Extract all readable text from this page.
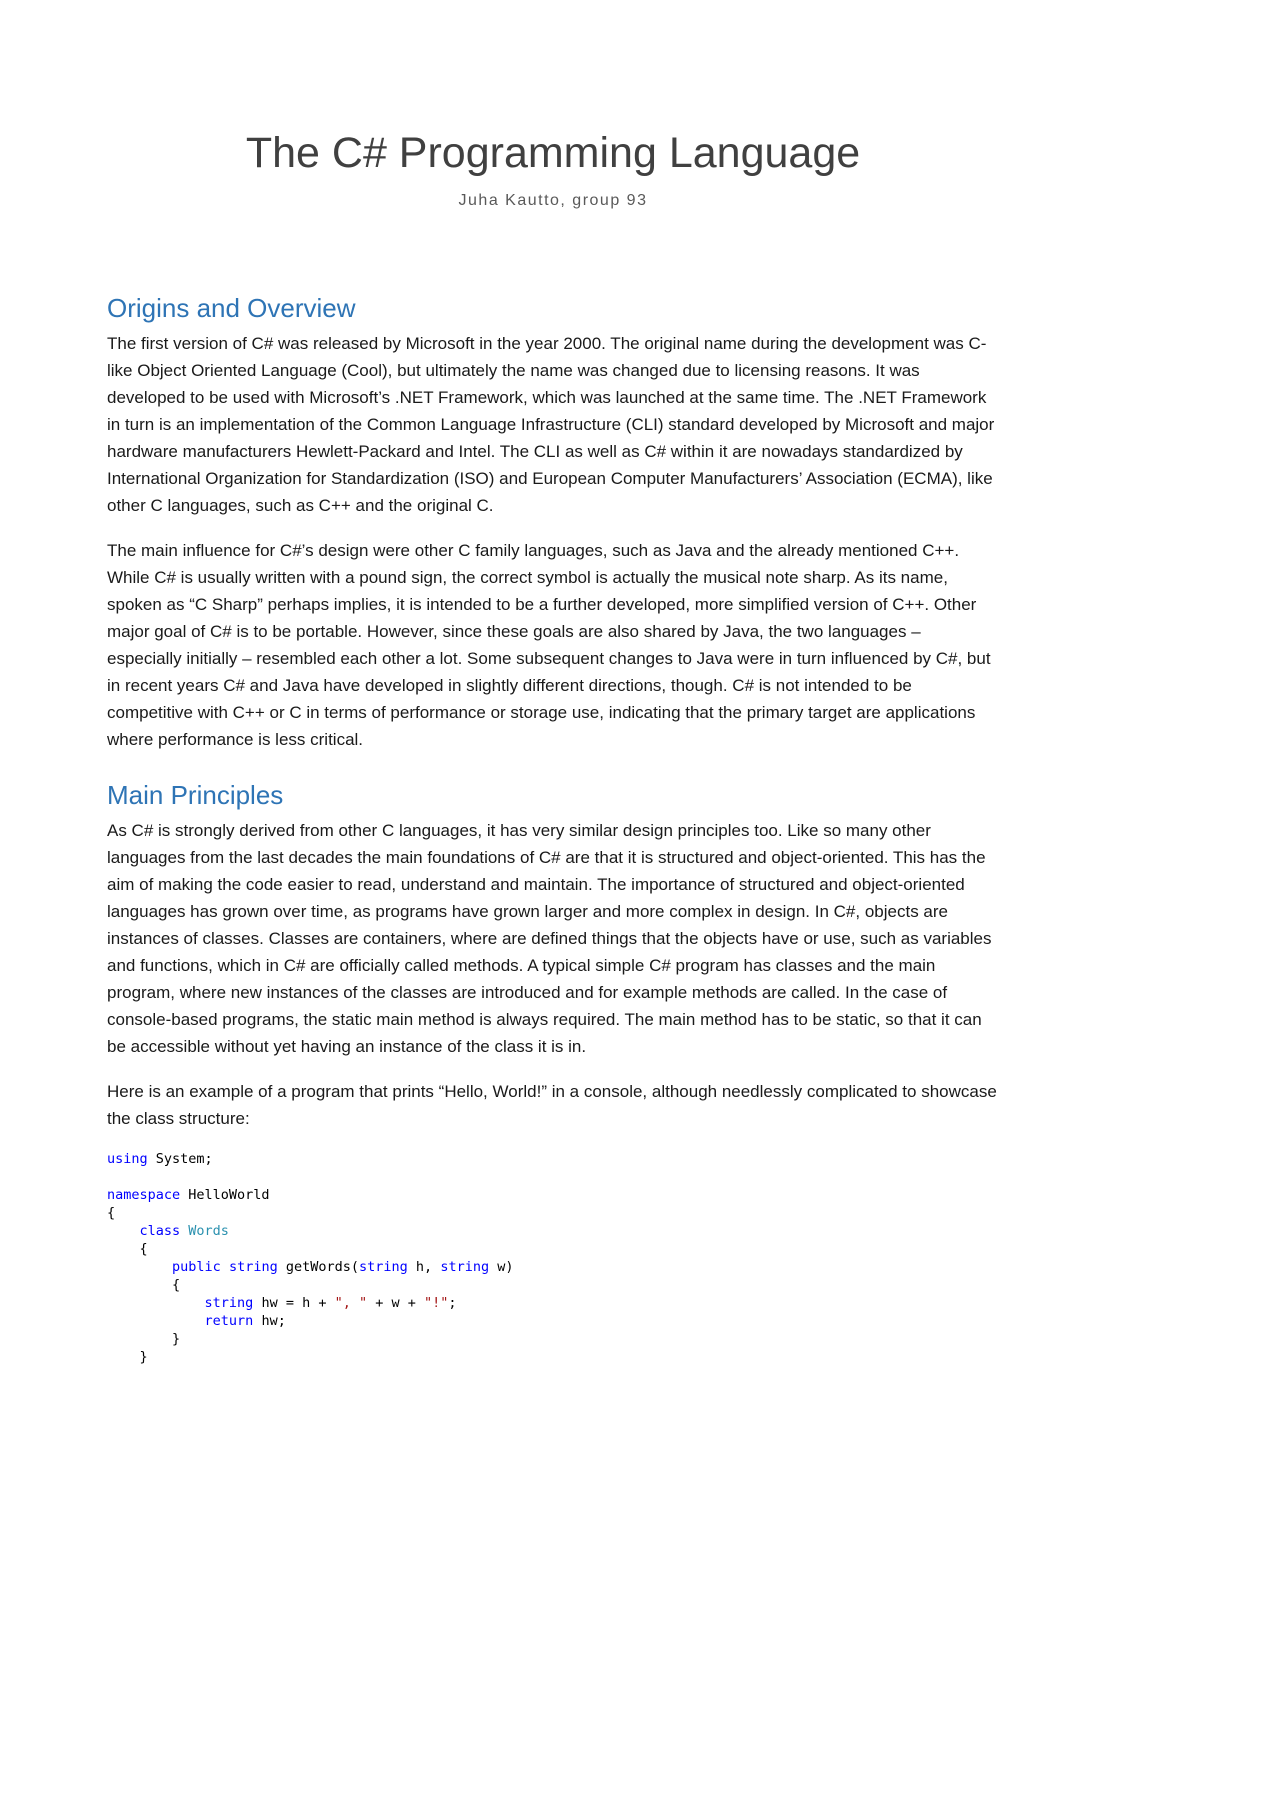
The C# Programming Language

Juha Kautto, group 93

Origins and Overview

The first version of C# was released by Microsoft in the year 2000. The original name during the development was C-like Object Oriented Language (Cool), but ultimately the name was changed due to licensing reasons. It was developed to be used with Microsoft’s .NET Framework, which was launched at the same time. The .NET Framework in turn is an implementation of the Common Language Infrastructure (CLI) standard developed by Microsoft and major hardware manufacturers Hewlett-Packard and Intel. The CLI as well as C# within it are nowadays standardized by International Organization for Standardization (ISO) and European Computer Manufacturers’ Association (ECMA), like other C languages, such as C++ and the original C.

The main influence for C#’s design were other C family languages, such as Java and the already mentioned C++. While C# is usually written with a pound sign, the correct symbol is actually the musical note sharp. As its name, spoken as “C Sharp” perhaps implies, it is intended to be a further developed, more simplified version of C++. Other major goal of C# is to be portable. However, since these goals are also shared by Java, the two languages – especially initially – resembled each other a lot. Some subsequent changes to Java were in turn influenced by C#, but in recent years C# and Java have developed in slightly different directions, though. C# is not intended to be competitive with C++ or C in terms of performance or storage use, indicating that the primary target are applications where performance is less critical.

Main Principles

As C# is strongly derived from other C languages, it has very similar design principles too. Like so many other languages from the last decades the main foundations of C# are that it is structured and object-oriented. This has the aim of making the code easier to read, understand and maintain. The importance of structured and object-oriented languages has grown over time, as programs have grown larger and more complex in design. In C#, objects are instances of classes. Classes are containers, where are defined things that the objects have or use, such as variables and functions, which in C# are officially called methods. A typical simple C# program has classes and the main program, where new instances of the classes are introduced and for example methods are called. In the case of console-based programs, the static main method is always required. The main method has to be static, so that it can be accessible without yet having an instance of the class it is in.

Here is an example of a program that prints “Hello, World!” in a console, although needlessly complicated to showcase the class structure:

using System;

namespace HelloWorld
{
class Words
{
public string getWords(string h, string w)
{
string hw = h + ", " + w + "!";
return hw;
}
}
